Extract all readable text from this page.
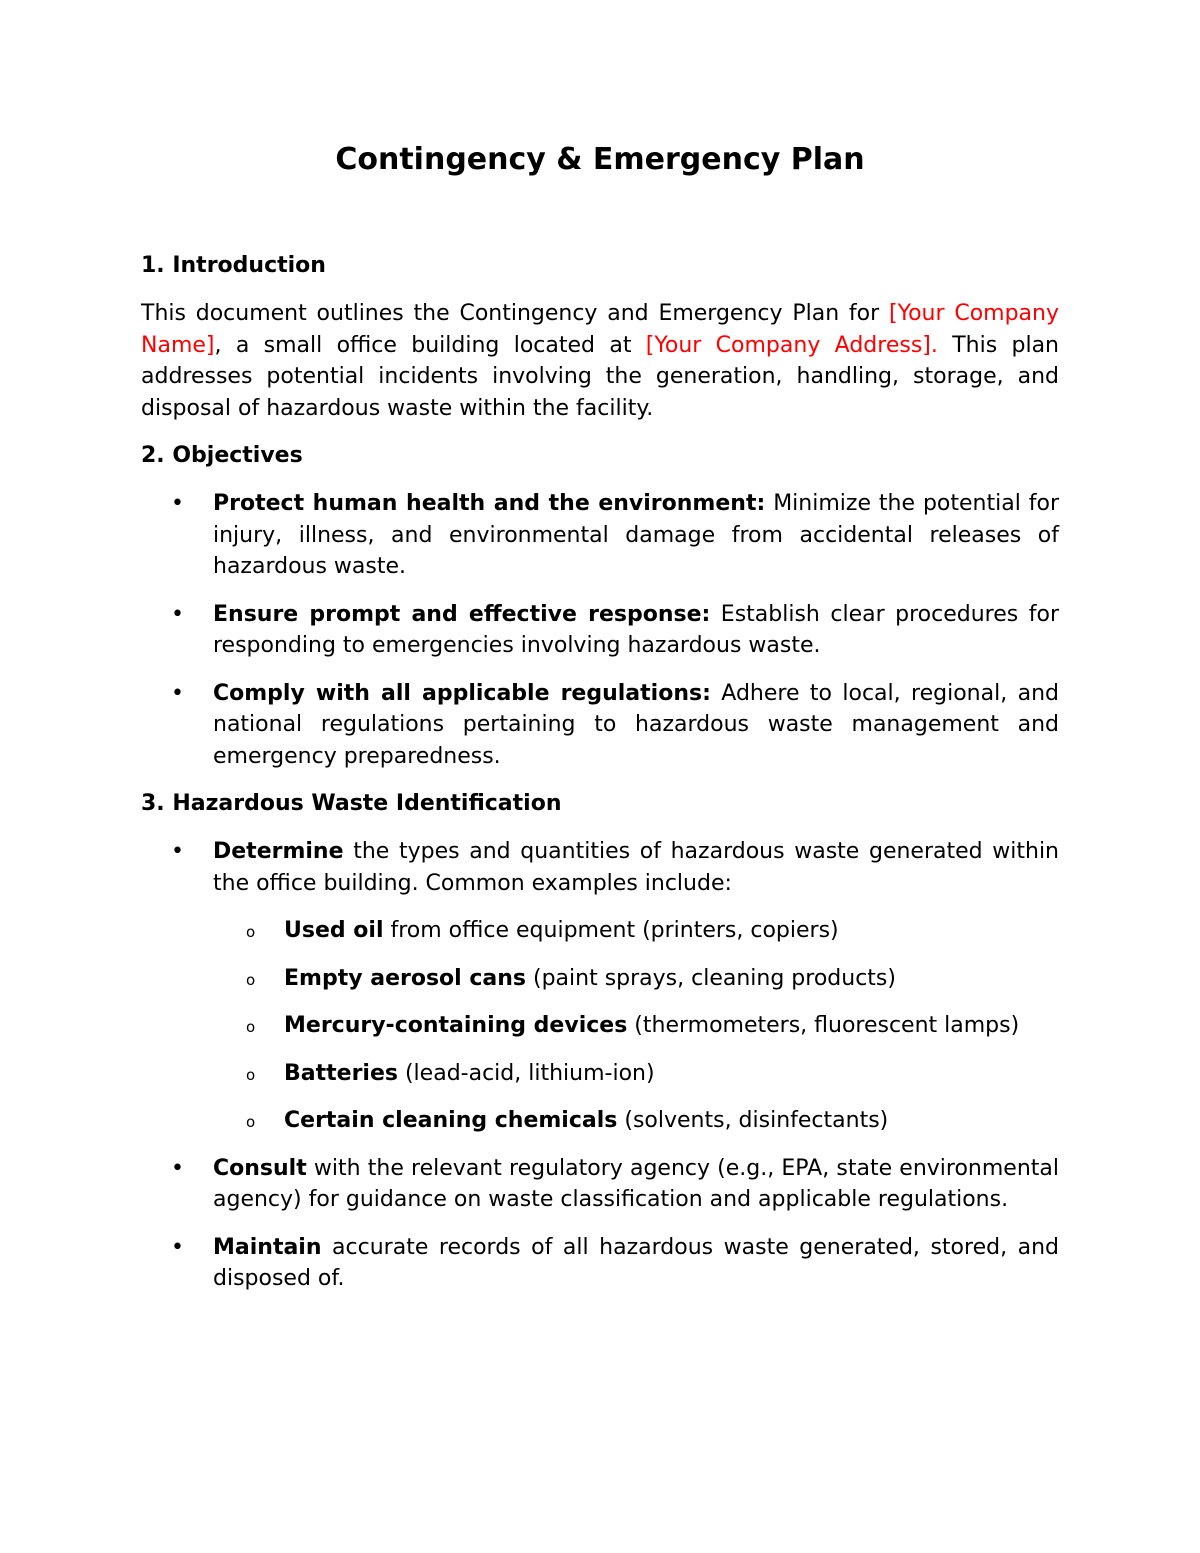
Contingency & Emergency Plan
1. Introduction

This document outlines the Contingency and Emergency Plan for [Your Company Name], a small office building located at [Your Company Address]. This plan addresses potential incidents involving the generation, handling, storage, and disposal of hazardous waste within the facility.

2. Objectives
• Protect human health and the environment: Minimize the potential for injury, illness, and environmental damage from accidental releases of hazardous waste.
• Ensure prompt and effective response: Establish clear procedures for responding to emergencies involving hazardous waste.
• Comply with all applicable regulations: Adhere to local, regional, and national regulations pertaining to hazardous waste management and emergency preparedness.
3. Hazardous Waste Identification
• Determine the types and quantities of hazardous waste generated within the office building. Common examples include:
o Used oil from office equipment (printers, copiers)
o Empty aerosol cans (paint sprays, cleaning products)
o Mercury-containing devices (thermometers, fluorescent lamps)
o Batteries (lead-acid, lithium-ion)
o Certain cleaning chemicals (solvents, disinfectants)
• Consult with the relevant regulatory agency (e.g., EPA, state environmental agency) for guidance on waste classification and applicable regulations.
• Maintain accurate records of all hazardous waste generated, stored, and disposed of.
